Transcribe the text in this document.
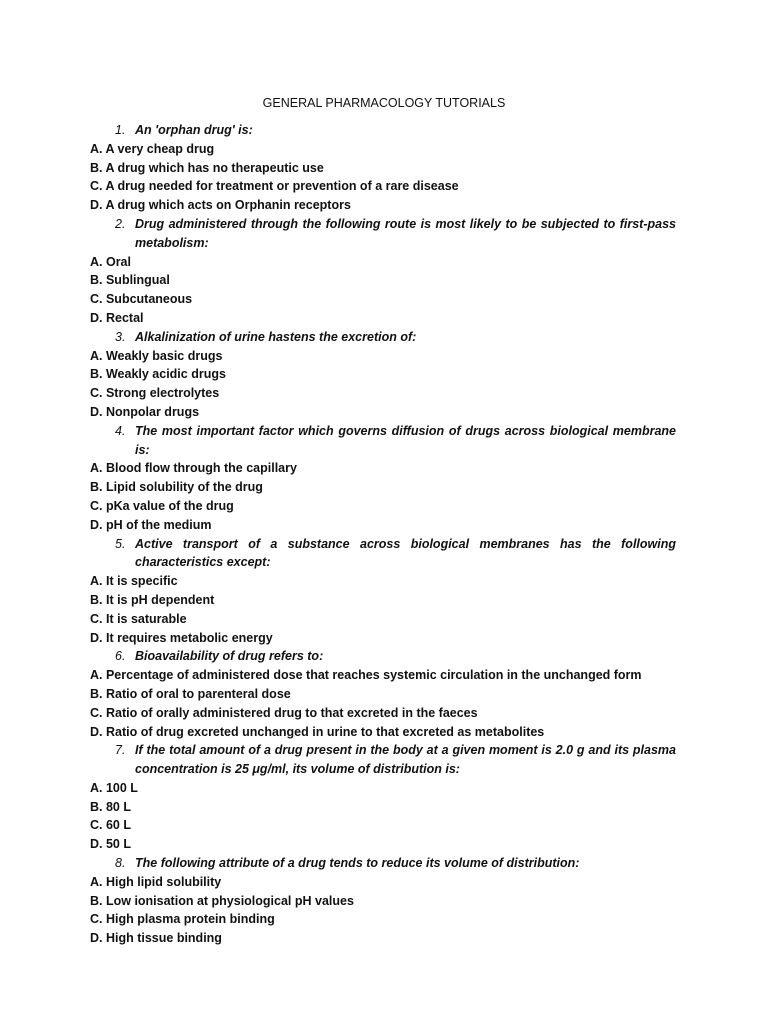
GENERAL PHARMACOLOGY TUTORIALS
1. An 'orphan drug' is:
A. A very cheap drug
B. A drug which has no therapeutic use
C. A drug needed for treatment or prevention of a rare disease
D. A drug which acts on Orphanin receptors
2. Drug administered through the following route is most likely to be subjected to first-pass metabolism:
A. Oral
B. Sublingual
C. Subcutaneous
D. Rectal
3. Alkalinization of urine hastens the excretion of:
A. Weakly basic drugs
B. Weakly acidic drugs
C. Strong electrolytes
D. Nonpolar drugs
4. The most important factor which governs diffusion of drugs across biological membrane is:
A. Blood flow through the capillary
B. Lipid solubility of the drug
C. pKa value of the drug
D. pH of the medium
5. Active transport of a substance across biological membranes has the following characteristics except:
A. It is specific
B. It is pH dependent
C. It is saturable
D. It requires metabolic energy
6. Bioavailability of drug refers to:
A. Percentage of administered dose that reaches systemic circulation in the unchanged form
B. Ratio of oral to parenteral dose
C. Ratio of orally administered drug to that excreted in the faeces
D. Ratio of drug excreted unchanged in urine to that excreted as metabolites
7. If the total amount of a drug present in the body at a given moment is 2.0 g and its plasma concentration is 25 μg/ml, its volume of distribution is:
A. 100 L
B. 80 L
C. 60 L
D. 50 L
8. The following attribute of a drug tends to reduce its volume of distribution:
A. High lipid solubility
B. Low ionisation at physiological pH values
C. High plasma protein binding
D. High tissue binding
